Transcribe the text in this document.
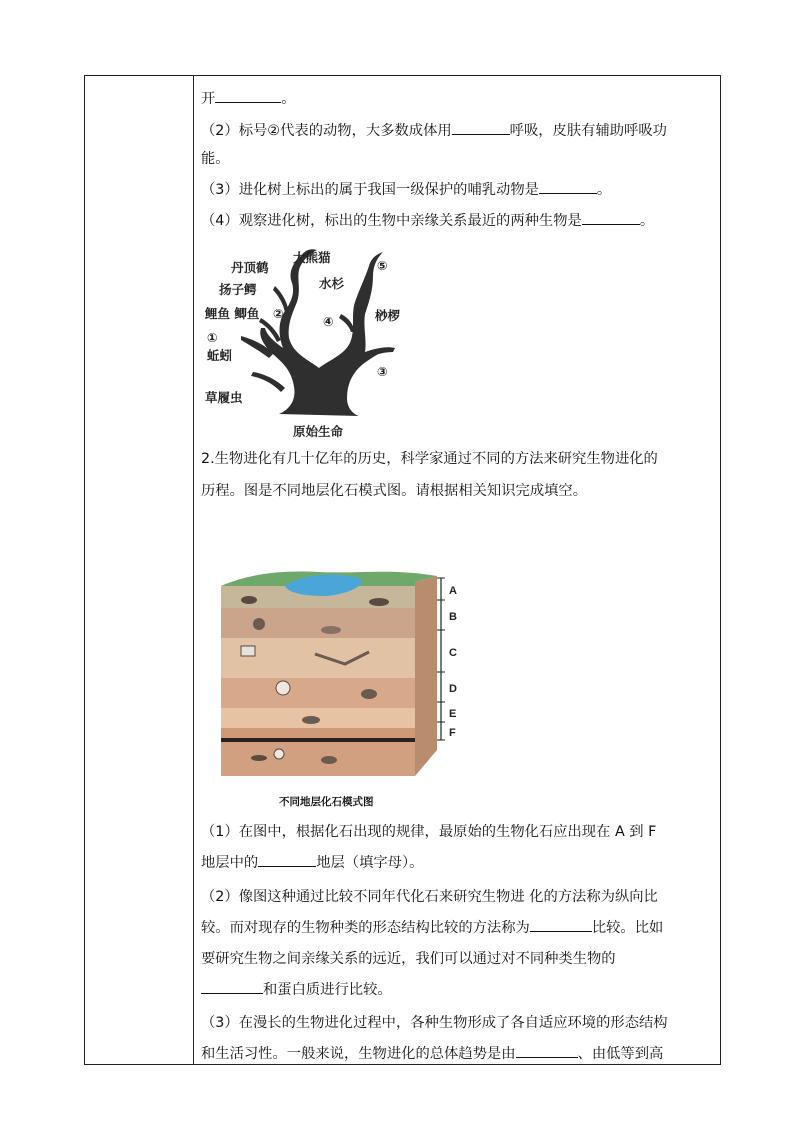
开	。
（2）标号②代表的动物，大多数成体用	呼吸，皮肤有辅助呼吸功
能。
（3）进化树上标出的属于我国一级保护的哺乳动物是	。
（4）观察进化树，标出的生物中亲缘关系最近的两种生物是	。
丹顶鹤
大熊猫
扬子鳄
鲤鱼 鲫鱼 ②
①
蚯蚓
⑤
水杉
④	桫椤
③
草履虫
原始生命
2.生物进化有几十亿年的历史，科学家通过不同的方法来研究生物进化的
历程。图是不同地层化石模式图。请根据相关知识完成填空。
A
B
C
D
E
F
不同地层化石模式图
（1）在图中，根据化石出现的规律，最原始的生物化石应出现在 A 到 F
地层中的	地层（填字母）。
（2）像图这种通过比较不同年代化石来研究生物进 化的方法称为纵向比
较。而对现存的生物种类的形态结构比较的方法称为	比较。比如
要研究生物之间亲缘关系的远近，我们可以通过对不同种类生物的
和蛋白质进行比较。
（3）在漫长的生物进化过程中，各种生物形成了各自适应环境的形态结构
和生活习性。一般来说，生物进化的总体趋势是由	、由低等到高
